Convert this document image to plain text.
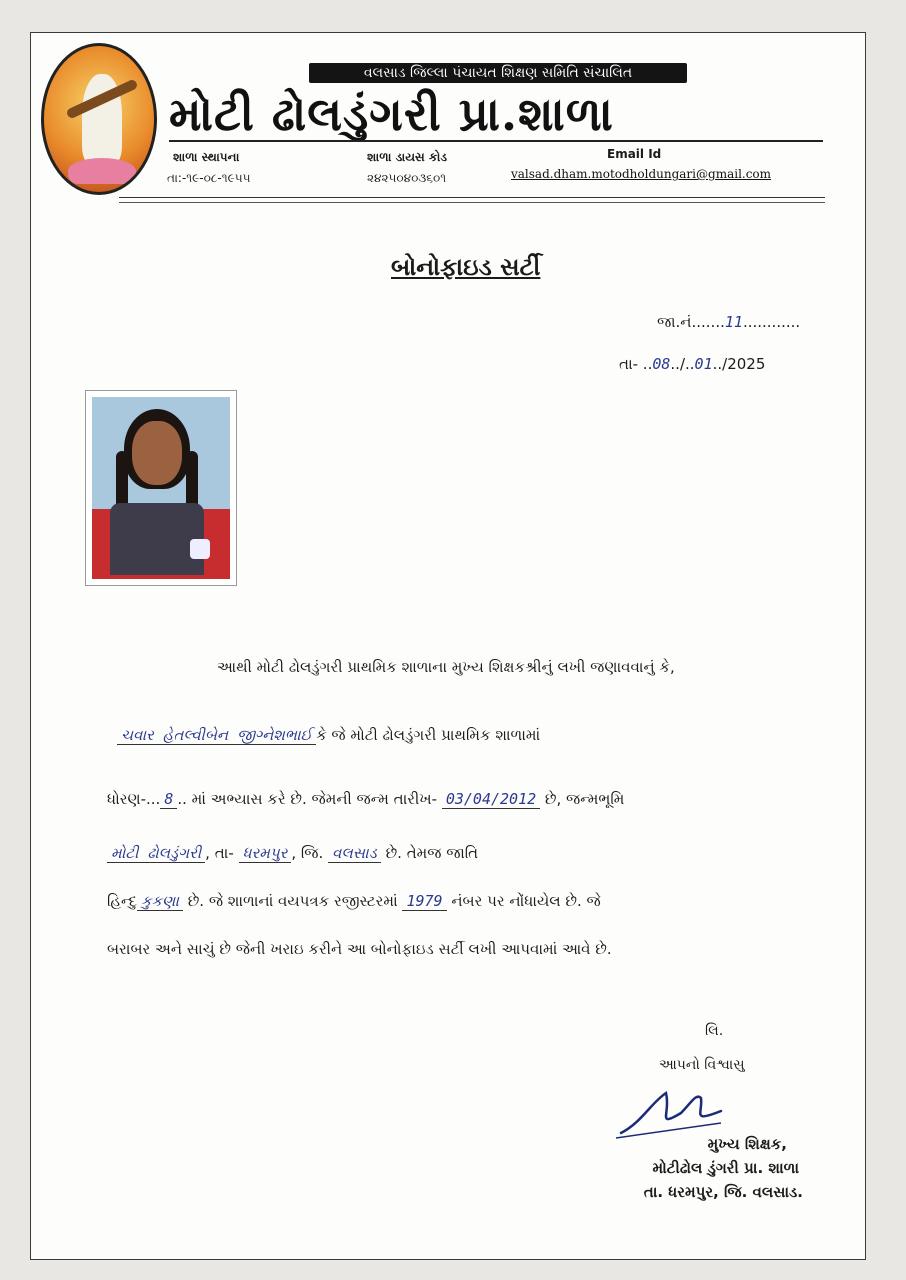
વલસાડ જિલ્લા પંચાયત શિક્ષણ સમિતિ સંચાલિત
મોટી ઢોલડુંગરી પ્રા.શાળા
શાળા સ્થાપના
તા:-૧૯-૦૮-૧૯૫૫
શાળા ડાયસ કોડ
૨૪૨૫૦૪૦૩૬૦૧
Email Id
valsad.dham.motodholdungari@gmail.com
બોનોફાઇડ સર્ટી
જા.નં.......11............
તા- ..08../..01../2025
આથી મોટી ઢોલડુંગરી પ્રાથમિક શાળાના મુખ્ય શિક્ષકશ્રીનું લખી જણાવવાનું કે,
ચવાર હેતલ્વીબેન જીગ્નેશભાઈ કે જે મોટી ઢોલડુંગરી પ્રાથમિક શાળામાં
ધોરણ-... 8 .. માં અભ્યાસ કરે છે. જેમની જન્મ તારીખ- 03/04/2012 છે, જન્મભૂમિ
મોટી ઢોલડુંગરી , તા- ધરમપુર , જિ. વલસાડ છે. તેમજ જાતિ
હિન્દુ કુકણા છે. જે શાળાનાં વયપત્રક રજીસ્ટરમાં 1979 નંબર પર નોંધાયેલ છે. જે
બરાબર અને સાચું છે જેની ખરાઇ કરીને આ બોનોફાઇડ સર્ટી લખી આપવામાં આવે છે.
લિ.
આપનો વિશ્વાસુ
મુખ્ય શિક્ષક,
મોટીઢોલ ડુંગરી પ્રા. શાળા
તા. ધરમપુર, જિ. વલસાડ.
